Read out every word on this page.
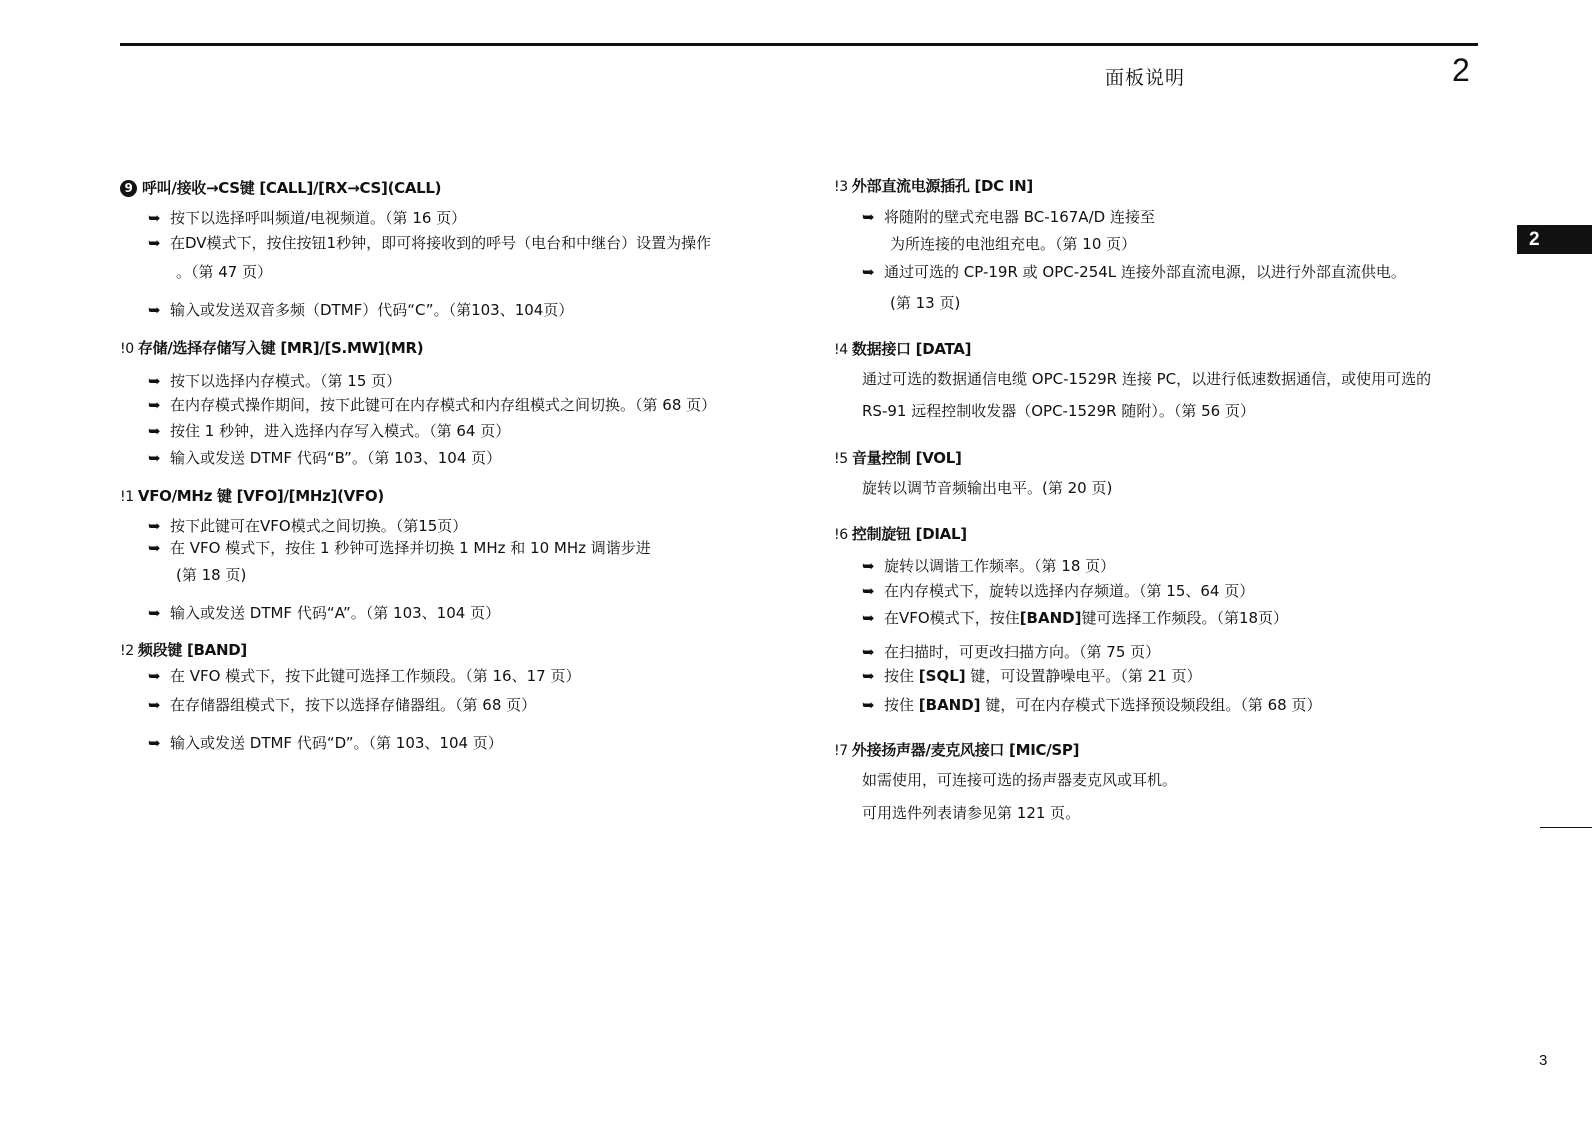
面板说明	2
2
3
9 呼叫/接收→CS键 [CALL]/[RX→CS](CALL)
➥ 按下以选择呼叫频道/电视频道。（第 16 页）
➥ 在DV模式下，按住按钮1秒钟，即可将接收到的呼号（电台和中继台）设置为操作
。（第 47 页）
➥ 输入或发送双音多频（DTMF）代码“C”。（第103、104页）
!0 存储/选择存储写入键 [MR]/[S.MW](MR)
➥ 按下以选择内存模式。（第 15 页）
➥ 在内存模式操作期间，按下此键可在内存模式和内存组模式之间切换。（第 68 页）
➥ 按住 1 秒钟，进入选择内存写入模式。（第 64 页）
➥ 输入或发送 DTMF 代码“B”。（第 103、104 页）
!1 VFO/MHz 键 [VFO]/[MHz](VFO)
➥ 按下此键可在VFO模式之间切换。（第15页）
➥ 在 VFO 模式下，按住 1 秒钟可选择并切换 1 MHz 和 10 MHz 调谐步进
(第 18 页)
➥ 输入或发送 DTMF 代码“A”。（第 103、104 页）
!2 频段键 [BAND]
➥ 在 VFO 模式下，按下此键可选择工作频段。（第 16、17 页）
➥ 在存储器组模式下，按下以选择存储器组。（第 68 页）
➥ 输入或发送 DTMF 代码“D”。（第 103、104 页）
!3 外部直流电源插孔 [DC IN]
➥ 将随附的壁式充电器 BC-167A/D 连接至
为所连接的电池组充电。（第 10 页）
➥ 通过可选的 CP-19R 或 OPC-254L 连接外部直流电源，以进行外部直流供电。
(第 13 页)
!4 数据接口 [DATA]
通过可选的数据通信电缆 OPC-1529R 连接 PC，以进行低速数据通信，或使用可选的
RS-91 远程控制收发器（OPC-1529R 随附）。（第 56 页）
!5 音量控制 [VOL]
旋转以调节音频输出电平。(第 20 页)
!6 控制旋钮 [DIAL]
➥ 旋转以调谐工作频率。（第 18 页）
➥ 在内存模式下，旋转以选择内存频道。（第 15、64 页）
➥ 在VFO模式下，按住[BAND]键可选择工作频段。（第18页）
➥ 在扫描时，可更改扫描方向。（第 75 页）
➥ 按住 [SQL] 键，可设置静噪电平。（第 21 页）
➥ 按住 [BAND] 键，可在内存模式下选择预设频段组。（第 68 页）
!7 外接扬声器/麦克风接口 [MIC/SP]
如需使用，可连接可选的扬声器麦克风或耳机。
可用选件列表请参见第 121 页。
